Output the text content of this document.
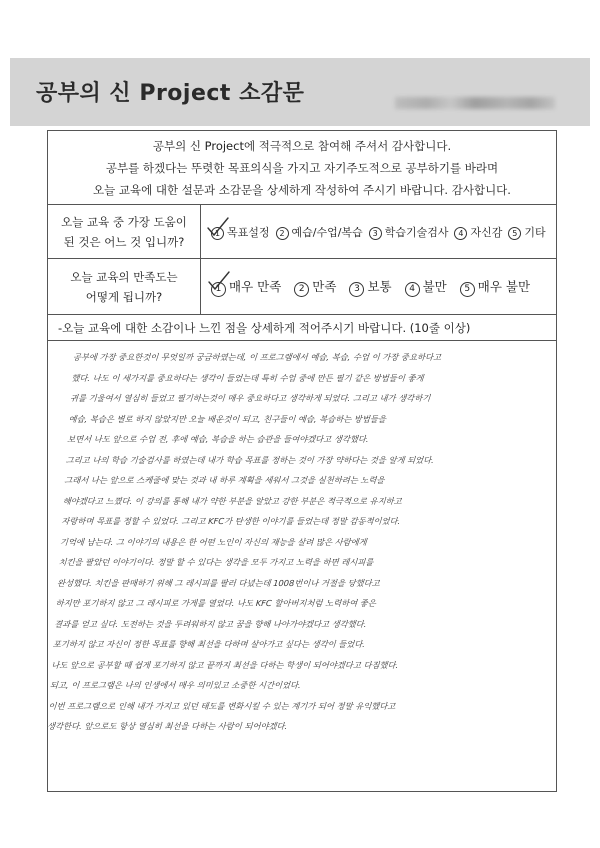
공부의 신 Project 소감문
공부의 신 Project에 적극적으로 참여해 주셔서 감사합니다.
공부를 하겠다는 뚜렷한 목표의식을 가지고 자기주도적으로 공부하기를 바라며
오늘 교육에 대한 설문과 소감문을 상세하게 작성하여 주시기 바랍니다. 감사합니다.
오늘 교육 중 가장 도움이
된 것은 어느 것 입니까?
1 목표설정	2 예습/수업/복습	3 학습기술검사	4 자신감	5 기타
오늘 교육의 만족도는
어떻게 됩니까?
1 매우 만족	2 만족	3 보통	4 불만	5 매우 불만
-오늘 교육에 대한 소감이나 느낀 점을 상세하게 적어주시기 바랍니다. (10줄 이상)
공부에 가장 중요한것이 무엇일까 궁금하였는데, 이 프로그램에서 예습, 복습, 수업 이 가장 중요하다고
했다. 나도 이 세가지를 중요하다는 생각이 들었는데 특히 수업 중에 만든 필기 같은 방법들이 좋게
귀를 기울여서 열심히 들었고 필기하는것이 매우 중요하다고 생각하게 되었다. 그리고 내가 생각하기
예습, 복습은 별로 하지 않았지만 오늘 배운것이 되고, 친구들이 예습, 복습하는 방법들을
보면서 나도 앞으로 수업 전, 후에 예습, 복습을 하는 습관을 들여야겠다고 생각했다.
그리고 나의 학습 기술검사를 하였는데 내가 학습 목표를 정하는 것이 가장 약하다는 것을 알게 되었다.
그래서 나는 앞으로 스케줄에 맞는 것과 내 하루 계획을 세워서 그것을 실천하려는 노력을
해야겠다고 느꼈다. 이 강의를 통해 내가 약한 부분을 알았고 강한 부분은 적극적으로 유지하고
자랑하며 목표를 정할 수 있었다. 그리고 KFC가 탄생한 이야기를 들었는데 정말 감동적이었다.
기억에 남는다. 그 이야기의 내용은 한 어떤 노인이 자신의 재능을 살려 많은 사람에게
치킨을 팔았던 이야기이다. 정말 할 수 있다는 생각을 모두 가지고 노력을 하면 레시피를
완성했다. 치킨을 판매하기 위해 그 레시피를 팔러 다녔는데 1008번이나 거절을 당했다고
하지만 포기하지 않고 그 레시피로 가게를 열었다. 나도 KFC 할아버지처럼 노력하여 좋은
결과를 얻고 싶다. 도전하는 것을 두려워하지 않고 꿈을 향해 나아가야겠다고 생각했다.
포기하지 않고 자신이 정한 목표를 향해 최선을 다하며 살아가고 싶다는 생각이 들었다.
나도 앞으로 공부할 때 쉽게 포기하지 않고 끝까지 최선을 다하는 학생이 되어야겠다고 다짐했다.
되고, 이 프로그램은 나의 인생에서 매우 의미있고 소중한 시간이었다.
이번 프로그램으로 인해 내가 가지고 있던 태도를 변화시킬 수 있는 계기가 되어 정말 유익했다고
생각한다. 앞으로도 항상 열심히 최선을 다하는 사람이 되어야겠다.
